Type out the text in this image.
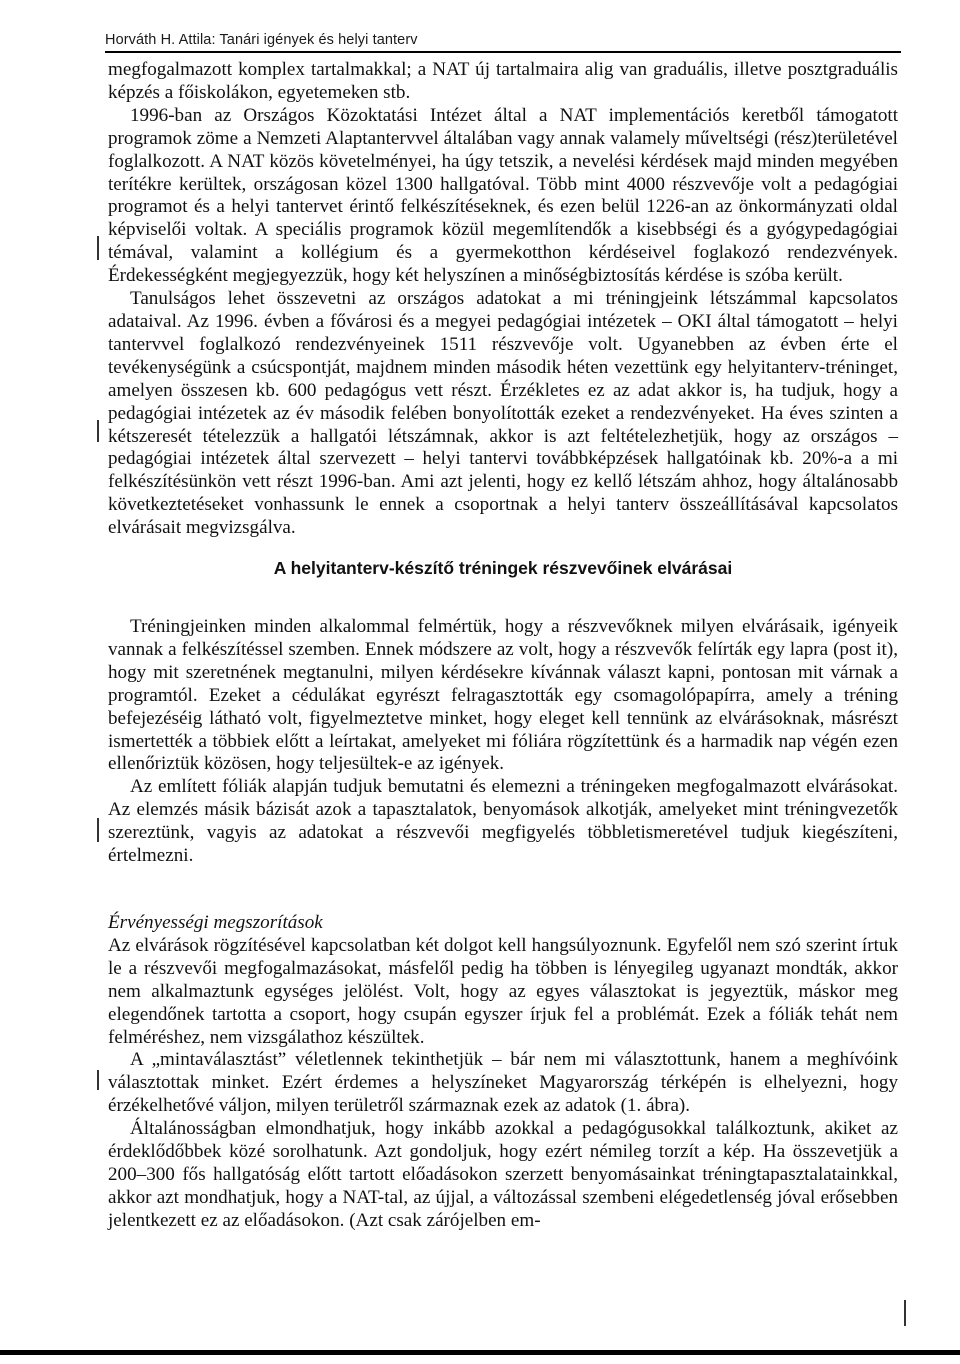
Horváth H. Attila: Tanári igények és helyi tanterv

megfogalmazott komplex tartalmakkal; a NAT új tartalmaira alig van graduális, illetve posztgraduális képzés a főiskolákon, egyetemeken stb.

1996-ban az Országos Közoktatási Intézet által a NAT implementációs keretből támogatott programok zöme a Nemzeti Alaptantervvel általában vagy annak valamely műveltségi (rész)területével foglalkozott. A NAT közös követelményei, ha úgy tetszik, a nevelési kérdések majd minden megyében terítékre kerültek, országosan közel 1300 hallgatóval. Több mint 4000 részvevője volt a pedagógiai programot és a helyi tantervet érintő felkészítéseknek, és ezen belül 1226-an az önkormányzati oldal képviselői voltak. A speciális programok közül megemlítendők a kisebbségi és a gyógypedagógiai témával, valamint a kollégium és a gyermekotthon kérdéseivel foglakozó rendezvények. Érdekességként megjegyezzük, hogy két helyszínen a minőségbiztosítás kérdése is szóba került.

Tanulságos lehet összevetni az országos adatokat a mi tréningjeink létszámmal kapcsolatos adataival. Az 1996. évben a fővárosi és a megyei pedagógiai intézetek – OKI által támogatott – helyi tantervvel foglalkozó rendezvényeinek 1511 részvevője volt. Ugyanebben az évben érte el tevékenységünk a csúcspontját, majdnem minden második héten vezettünk egy helyitanterv-tréninget, amelyen összesen kb. 600 pedagógus vett részt. Érzékletes ez az adat akkor is, ha tudjuk, hogy a pedagógiai intézetek az év második felében bonyolították ezeket a rendezvényeket. Ha éves szinten a kétszeresét tételezzük a hallgatói létszámnak, akkor is azt feltételezhetjük, hogy az országos – pedagógiai intézetek által szervezett – helyi tantervi továbbképzések hallgatóinak kb. 20%-a a mi felkészítésünkön vett részt 1996-ban. Ami azt jelenti, hogy ez kellő létszám ahhoz, hogy általánosabb következtetéseket vonhassunk le ennek a csoportnak a helyi tanterv összeállításával kapcsolatos elvárásait megvizsgálva.

A helyitanterv-készítő tréningek részvevőinek elvárásai

Tréningjeinken minden alkalommal felmértük, hogy a részvevőknek milyen elvárásaik, igényeik vannak a felkészítéssel szemben. Ennek módszere az volt, hogy a részvevők felírták egy lapra (post it), hogy mit szeretnének megtanulni, milyen kérdésekre kívánnak választ kapni, pontosan mit várnak a programtól. Ezeket a cédulákat egyrészt felragasztották egy csomagolópapírra, amely a tréning befejezéséig látható volt, figyelmeztetve minket, hogy eleget kell tennünk az elvárásoknak, másrészt ismertették a többiek előtt a leírtakat, amelyeket mi fóliára rögzítettünk és a harmadik nap végén ezen ellenőriztük közösen, hogy teljesültek-e az igények.

Az említett fóliák alapján tudjuk bemutatni és elemezni a tréningeken megfogalmazott elvárásokat. Az elemzés másik bázisát azok a tapasztalatok, benyomások alkotják, amelyeket mint tréningvezetők szereztünk, vagyis az adatokat a részvevői megfigyelés többletismeretével tudjuk kiegészíteni, értelmezni.

Érvényességi megszorítások

Az elvárások rögzítésével kapcsolatban két dolgot kell hangsúlyoznunk. Egyfelől nem szó szerint írtuk le a részvevői megfogalmazásokat, másfelől pedig ha többen is lényegileg ugyanazt mondták, akkor nem alkalmaztunk egységes jelölést. Volt, hogy az egyes választokat is jegyeztük, máskor meg elegendőnek tartotta a csoport, hogy csupán egyszer írjuk fel a problémát. Ezek a fóliák tehát nem felméréshez, nem vizsgálathoz készültek.

A „mintaválasztást” véletlennek tekinthetjük – bár nem mi választottunk, hanem a meghívóink választottak minket. Ezért érdemes a helyszíneket Magyarország térképén is elhelyezni, hogy érzékelhetővé váljon, milyen területről származnak ezek az adatok (1. ábra).

Általánosságban elmondhatjuk, hogy inkább azokkal a pedagógusokkal találkoztunk, akiket az érdeklődőbbek közé sorolhatunk. Azt gondoljuk, hogy ezért némileg torzít a kép. Ha összevetjük a 200–300 fős hallgatóság előtt tartott előadásokon szerzett benyomásainkat tréningtapasztalatainkkal, akkor azt mondhatjuk, hogy a NAT-tal, az újjal, a változással szembeni elégedetlenség jóval erősebben jelentkezett ez az előadásokon. (Azt csak zárójelben em-
